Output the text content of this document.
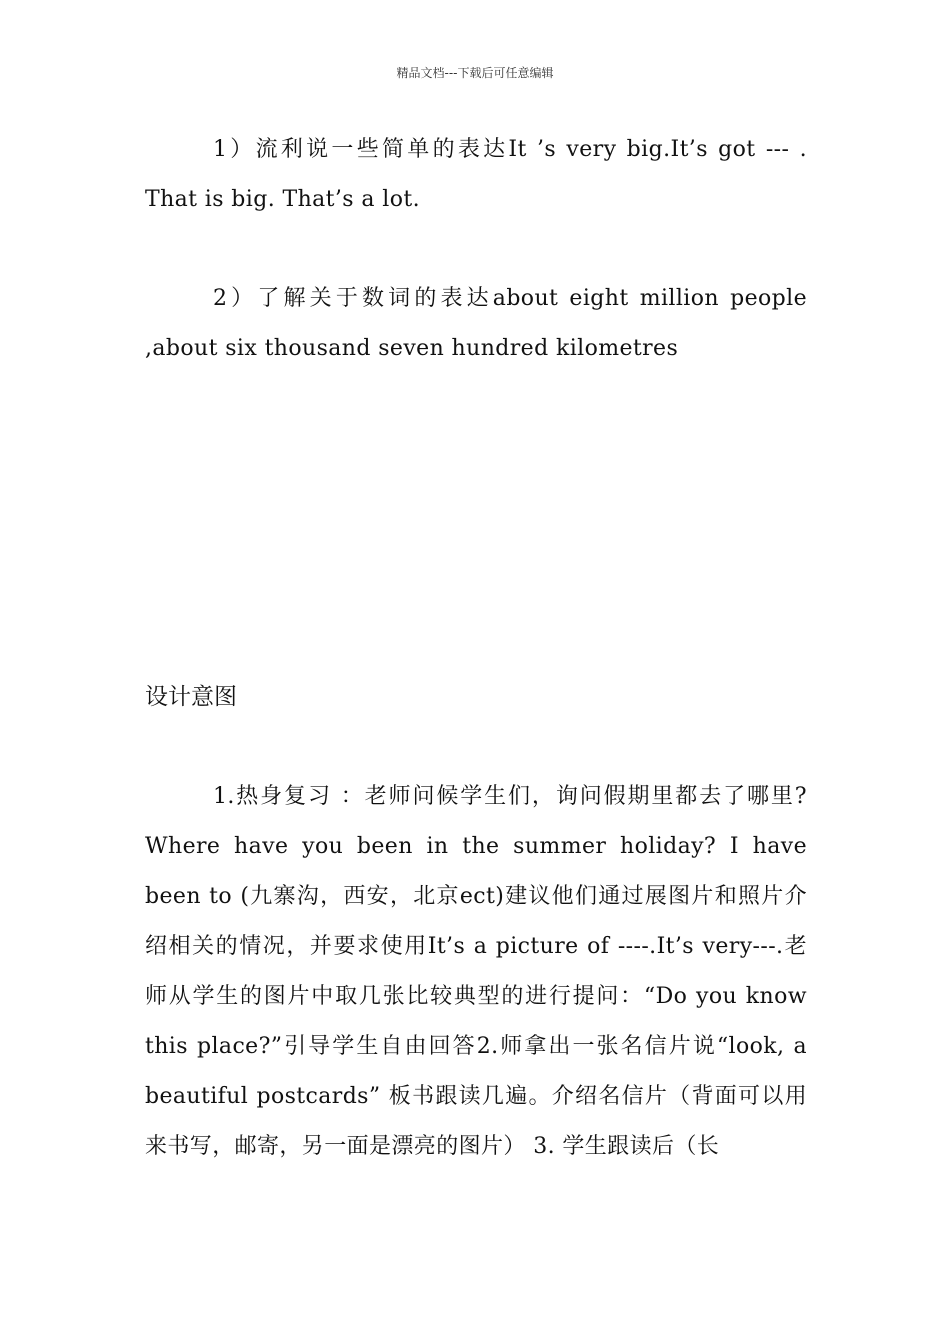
精品文档---下载后可任意编辑

1）流利说一些简单的表达It ’s very big.It’s got --- . That is big. That’s a lot.

2）了解关于数词的表达about eight million people ,about six thousand seven hundred kilometres

设计意图

1.热身复习 ：老师问候学生们，询问假期里都去了哪里?Where have you been in the summer holiday? I have been to (九寨沟，西安，北京ect)建议他们通过展图片和照片介绍相关的情况，并要求使用It’s a picture of ----.It’s very---.老师从学生的图片中取几张比较典型的进行提问：“Do you know this place?”引导学生自由回答2.师拿出一张名信片说“look, a beautiful postcards” 板书跟读几遍。介绍名信片（背面可以用来书写，邮寄，另一面是漂亮的图片） 3. 学生跟读后（长
